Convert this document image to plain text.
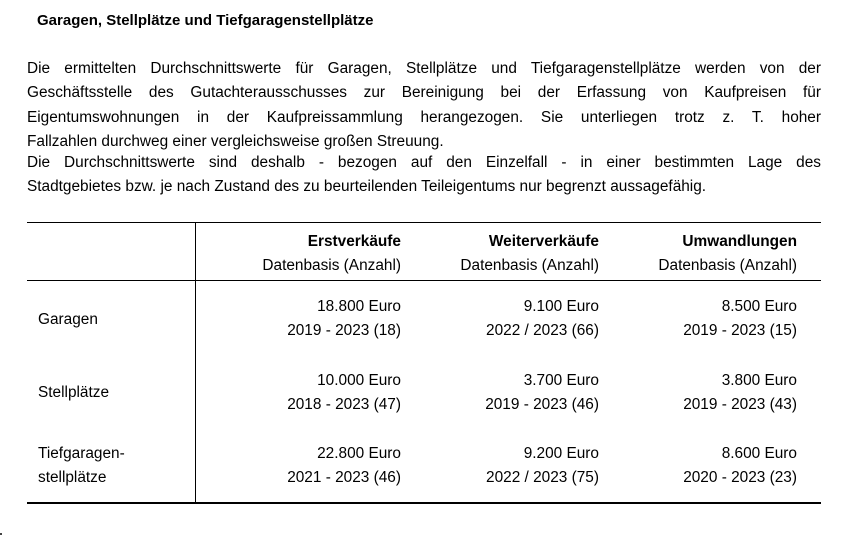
Garagen, Stellplätze und Tiefgaragenstellplätze
Die ermittelten Durchschnittswerte für Garagen, Stellplätze und Tiefgaragenstellplätze werden von der
Geschäftsstelle des Gutachterausschusses zur Bereinigung bei der Erfassung von Kaufpreisen für
Eigentumswohnungen in der Kaufpreissammlung herangezogen. Sie unterliegen trotz z. T. hoher
Fallzahlen durchweg einer vergleichsweise großen Streuung.
Die Durchschnittswerte sind deshalb - bezogen auf den Einzelfall - in einer bestimmten Lage des
Stadtgebietes bzw. je nach Zustand des zu beurteilenden Teileigentums nur begrenzt aussagefähig.
Erstverkäufe
Datenbasis (Anzahl)
Weiterverkäufe
Datenbasis (Anzahl)
Umwandlungen
Datenbasis (Anzahl)
Garagen
18.800 Euro
2019 - 2023 (18)
9.100 Euro
2022 / 2023 (66)
8.500 Euro
2019 - 2023 (15)
Stellplätze
10.000 Euro
2018 - 2023 (47)
3.700 Euro
2019 - 2023 (46)
3.800 Euro
2019 - 2023 (43)
Tiefgaragen-
stellplätze
22.800 Euro
2021 - 2023 (46)
9.200 Euro
2022 / 2023 (75)
8.600 Euro
2020 - 2023 (23)
